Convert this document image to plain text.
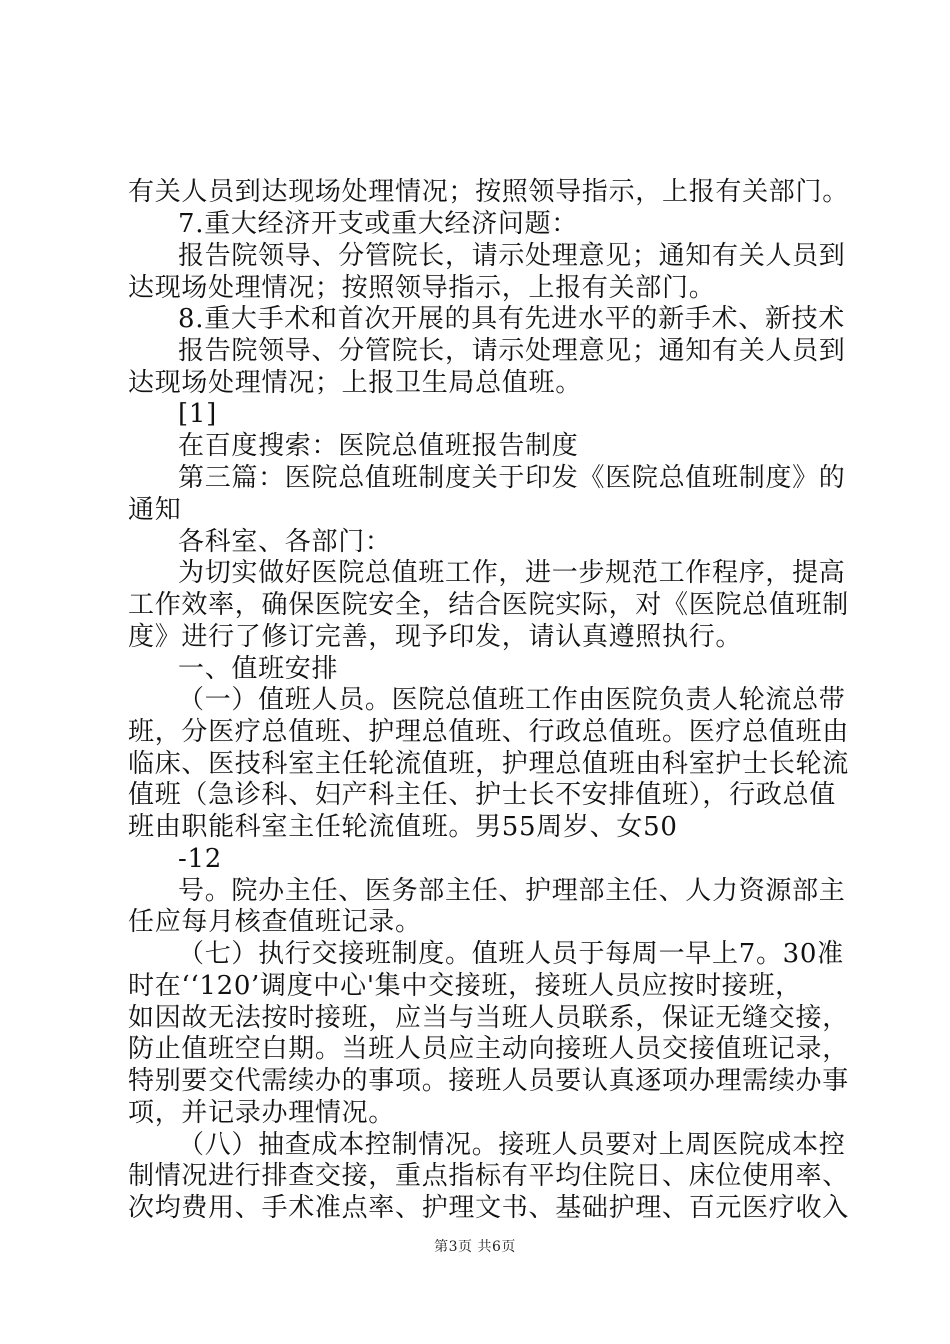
有关人员到达现场处理情况；按照领导指示，上报有关部门。
7.重大经济开支或重大经济问题：
报告院领导、分管院长，请示处理意见；通知有关人员到
达现场处理情况；按照领导指示，上报有关部门。
8.重大手术和首次开展的具有先进水平的新手术、新技术
报告院领导、分管院长，请示处理意见；通知有关人员到
达现场处理情况；上报卫生局总值班。
[1]
在百度搜索：医院总值班报告制度
第三篇：医院总值班制度关于印发《医院总值班制度》的
通知
各科室、各部门：
为切实做好医院总值班工作，进一步规范工作程序，提高
工作效率，确保医院安全，结合医院实际，对《医院总值班制
度》进行了修订完善，现予印发，请认真遵照执行。
一、值班安排
（一）值班人员。医院总值班工作由医院负责人轮流总带
班，分医疗总值班、护理总值班、行政总值班。医疗总值班由
临床、医技科室主任轮流值班，护理总值班由科室护士长轮流
值班（急诊科、妇产科主任、护士长不安排值班），行政总值
班由职能科室主任轮流值班。男55周岁、女50
-12
号。院办主任、医务部主任、护理部主任、人力资源部主
任应每月核查值班记录。
（七）执行交接班制度。值班人员于每周一早上7。30准
时在‘‘120’调度中心'集中交接班，接班人员应按时接班，
如因故无法按时接班，应当与当班人员联系，保证无缝交接，
防止值班空白期。当班人员应主动向接班人员交接值班记录，
特别要交代需续办的事项。接班人员要认真逐项办理需续办事
项，并记录办理情况。
（八）抽查成本控制情况。接班人员要对上周医院成本控
制情况进行排查交接，重点指标有平均住院日、床位使用率、
次均费用、手术准点率、护理文书、基础护理、百元医疗收入
第3页 共6页
